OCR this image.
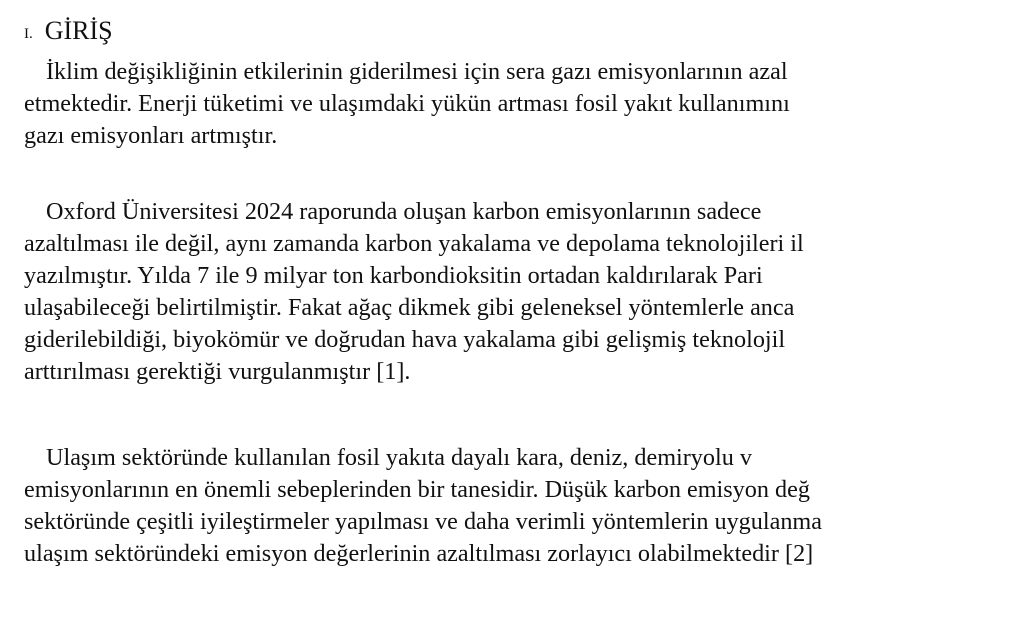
I. GİRİŞ
İklim değişikliğinin etkilerinin giderilmesi için sera gazı emisyonlarının azal
etmektedir. Enerji tüketimi ve ulaşımdaki yükün artması fosil yakıt kullanımını
gazı emisyonları artmıştır.
Oxford Üniversitesi 2024 raporunda oluşan karbon emisyonlarının sadece
azaltılması ile değil, aynı zamanda karbon yakalama ve depolama teknolojileri il
yazılmıştır. Yılda 7 ile 9 milyar ton karbondioksitin ortadan kaldırılarak Pari
ulaşabileceği belirtilmiştir. Fakat ağaç dikmek gibi geleneksel yöntemlerle anca
giderilebildiği, biyokömür ve doğrudan hava yakalama gibi gelişmiş teknolojil
arttırılması gerektiği vurgulanmıştır [1].
Ulaşım sektöründe kullanılan fosil yakıta dayalı kara, deniz, demiryolu v
emisyonlarının en önemli sebeplerinden bir tanesidir. Düşük karbon emisyon değ
sektöründe çeşitli iyileştirmeler yapılması ve daha verimli yöntemlerin uygulanma
ulaşım sektöründeki emisyon değerlerinin azaltılması zorlayıcı olabilmektedir [2]
